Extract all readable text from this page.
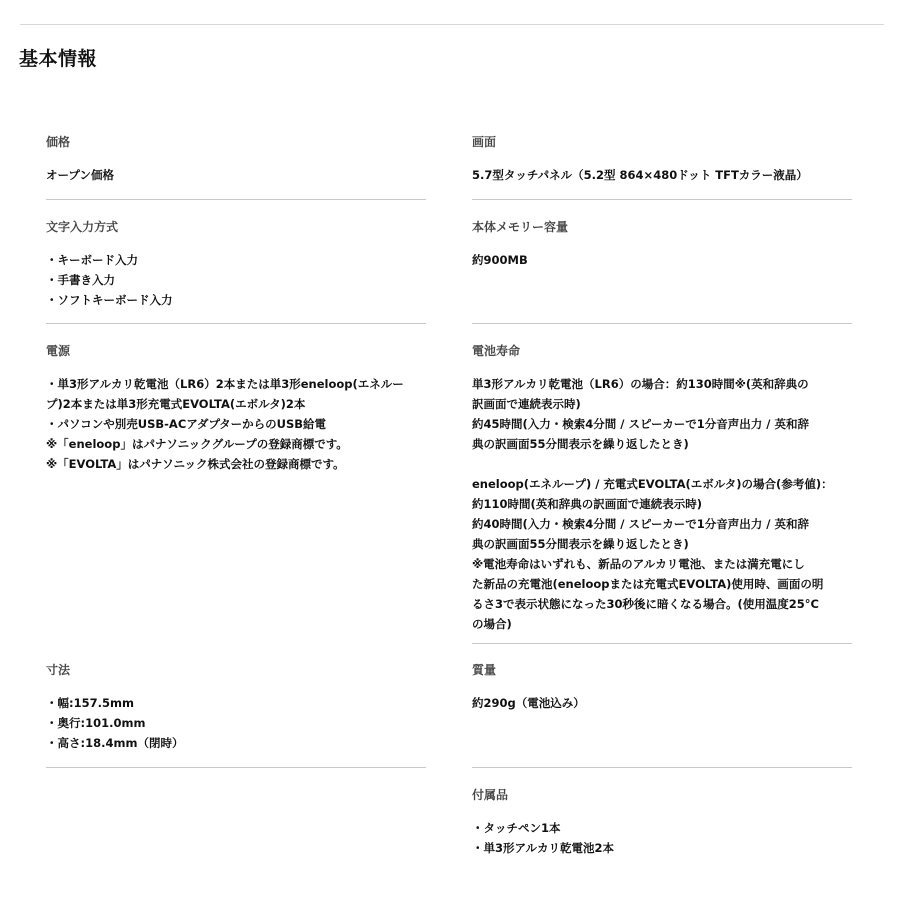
基本情報
価格
オープン価格
文字入力方式
・キーボード入力
・手書き入力
・ソフトキーボード入力
電源
・単3形アルカリ乾電池（LR6）2本または単3形eneloop(エネルー
プ)2本または単3形充電式EVOLTA(エボルタ)2本
・パソコンや別売USB-ACアダプターからのUSB給電
※「eneloop」はパナソニックグループの登録商標です。
※「EVOLTA」はパナソニック株式会社の登録商標です。
寸法
・幅:157.5mm
・奥行:101.0mm
・高さ:18.4mm（閉時）
画面
5.7型タッチパネル（5.2型 864×480ドット TFTカラー液晶）
本体メモリー容量
約900MB
電池寿命
単3形アルカリ乾電池（LR6）の場合：約130時間※(英和辞典の
訳画面で連続表示時)
約45時間(入力・検索4分間 / スピーカーで1分音声出力 / 英和辞
典の訳画面55分間表示を繰り返したとき)
eneloop(エネループ) / 充電式EVOLTA(エボルタ)の場合(参考値)：
約110時間(英和辞典の訳画面で連続表示時)
約40時間(入力・検索4分間 / スピーカーで1分音声出力 / 英和辞
典の訳画面55分間表示を繰り返したとき)
※電池寿命はいずれも、新品のアルカリ電池、または満充電にし
た新品の充電池(eneloopまたは充電式EVOLTA)使用時、画面の明
るさ3で表示状態になった30秒後に暗くなる場合。(使用温度25°C
の場合)
質量
約290g（電池込み）
付属品
・タッチペン1本
・単3形アルカリ乾電池2本
